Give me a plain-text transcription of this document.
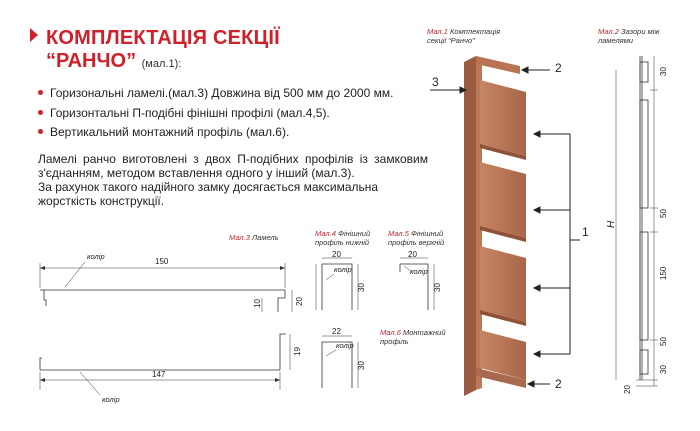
КОМПЛЕКТАЦІЯ СЕКЦІЇ
“РАНЧО” (мал.1):
Горизональні ламелі.(мал.3) Довжина від 500 мм до 2000 мм.
Горизонтальні П-подібні фінішні профілі (мал.4,5).
Вертикальний монтажний профіль (мал.6).
Ламелі ранчо виготовлені з двох П-подібних профілів із замковим з'єднанням, методом вставлення одного у інший (мал.3).
За рахунок такого надійного замку досягається максимальна жорсткість конструкції.
Мал.3 Ламель	Мал.4 Фінішний
профіль нижній
Мал.5 Фінішний
профіль верхній
Мал.6 Монтажний
профіль
Мал.1 Комплектація
секції “Ранчо”
Мал.2 Зазори між
ламелями
150
147
колір
колір
10	20
19
20
30
колір
20
30
колір
22
30
колір
2
3
1
2
30
50
150
50
30
20
H
